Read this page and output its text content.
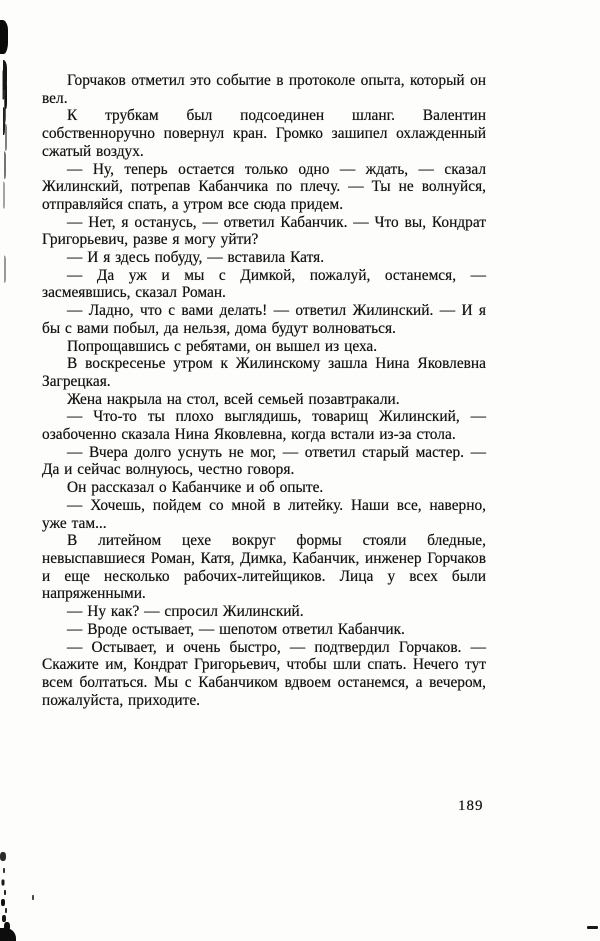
Горчаков отметил это событие в протоколе опыта, который он вел.

К трубкам был подсоединен шланг. Валентин собственноручно повернул кран. Громко зашипел охлажденный сжатый воздух.

— Ну, теперь остается только одно — ждать, — сказал Жилинский, потрепав Кабанчика по плечу. — Ты не волнуйся, отправляйся спать, а утром все сюда придем.

— Нет, я останусь, — ответил Кабанчик. — Что вы, Кондрат Григорьевич, разве я могу уйти?

— И я здесь побуду, — вставила Катя.

— Да уж и мы с Димкой, пожалуй, останемся, — засмеявшись, сказал Роман.

— Ладно, что с вами делать! — ответил Жилинский. — И я бы с вами побыл, да нельзя, дома будут волноваться.

Попрощавшись с ребятами, он вышел из цеха.

В воскресенье утром к Жилинскому зашла Нина Яковлевна Загрецкая.

Жена накрыла на стол, всей семьей позавтракали.

— Что-то ты плохо выглядишь, товарищ Жилинский, — озабоченно сказала Нина Яковлевна, когда встали из-за стола.

— Вчера долго уснуть не мог, — ответил старый мастер. — Да и сейчас волнуюсь, честно говоря.

Он рассказал о Кабанчике и об опыте.

— Хочешь, пойдем со мной в литейку. Наши все, наверно, уже там...

В литейном цехе вокруг формы стояли бледные, невыспавшиеся Роман, Катя, Димка, Кабанчик, инженер Горчаков и еще несколько рабочих-литейщиков. Лица у всех были напряженными.

— Ну как? — спросил Жилинский.

— Вроде остывает, — шепотом ответил Кабанчик.

— Остывает, и очень быстро, — подтвердил Горчаков. — Скажите им, Кондрат Григорьевич, чтобы шли спать. Нечего тут всем болтаться. Мы с Кабанчиком вдвоем останемся, а вечером, пожалуйста, приходите.

189
